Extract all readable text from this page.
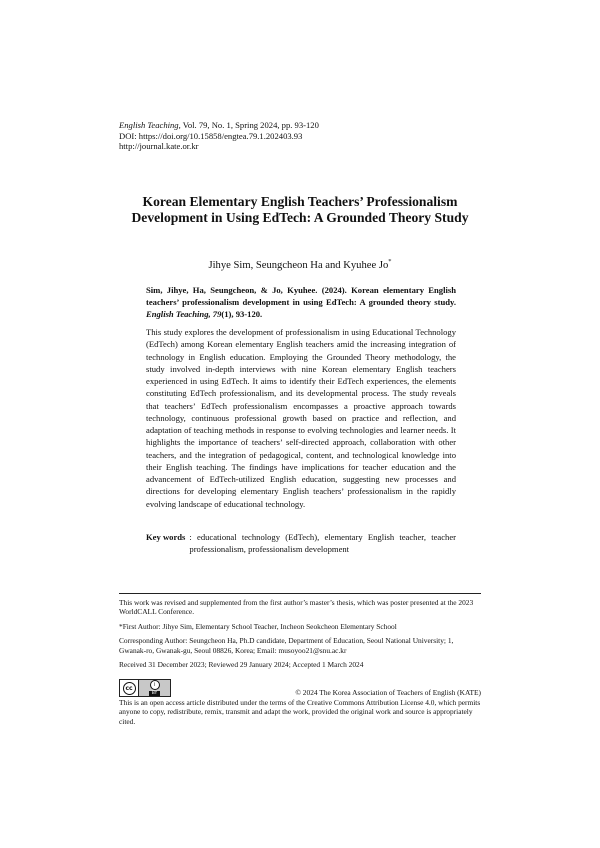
English Teaching, Vol. 79, No. 1, Spring 2024, pp. 93-120
DOI: https://doi.org/10.15858/engtea.79.1.202403.93
http://journal.kate.or.kr
Korean Elementary English Teachers’ Professionalism
Development in Using EdTech: A Grounded Theory Study
Jihye Sim, Seungcheon Ha and Kyuhee Jo*
Sim, Jihye, Ha, Seungcheon, & Jo, Kyuhee. (2024). Korean elementary English teachers’ professionalism development in using EdTech: A grounded theory study. English Teaching, 79(1), 93-120.
This study explores the development of professionalism in using Educational Technology (EdTech) among Korean elementary English teachers amid the increasing integration of technology in English education. Employing the Grounded Theory methodology, the study involved in-depth interviews with nine Korean elementary English teachers experienced in using EdTech. It aims to identify their EdTech experiences, the elements constituting EdTech professionalism, and its developmental process. The study reveals that teachers’ EdTech professionalism encompasses a proactive approach towards technology, continuous professional growth based on practice and reflection, and adaptation of teaching methods in response to evolving technologies and learner needs. It highlights the importance of teachers’ self-directed approach, collaboration with other teachers, and the integration of pedagogical, content, and technological knowledge into their English teaching. The findings have implications for teacher education and the advancement of EdTech-utilized English education, suggesting new processes and directions for developing elementary English teachers’ professionalism in the rapidly evolving landscape of educational technology.
Key words : educational technology (EdTech), elementary English teacher, teacher professionalism, professionalism development

This work was revised and supplemented from the first author’s master’s thesis, which was poster presented at the 2023 WorldCALL Conference.

*First Author: Jihye Sim, Elementary School Teacher, Incheon Seokcheon Elementary School

Corresponding Author: Seungcheon Ha, Ph.D candidate, Department of Education, Seoul National University; 1, Gwanak-ro, Gwanak-gu, Seoul 08826, Korea; Email: musoyoo21@snu.ac.kr

Received 31 December 2023; Reviewed 29 January 2024; Accepted 1 March 2024

cc	i
BY	© 2024 The Korea Association of Teachers of English (KATE)
This is an open access article distributed under the terms of the Creative Commons Attribution License 4.0, which permits anyone to copy, redistribute, remix, transmit and adapt the work, provided the original work and source is appropriately cited.
